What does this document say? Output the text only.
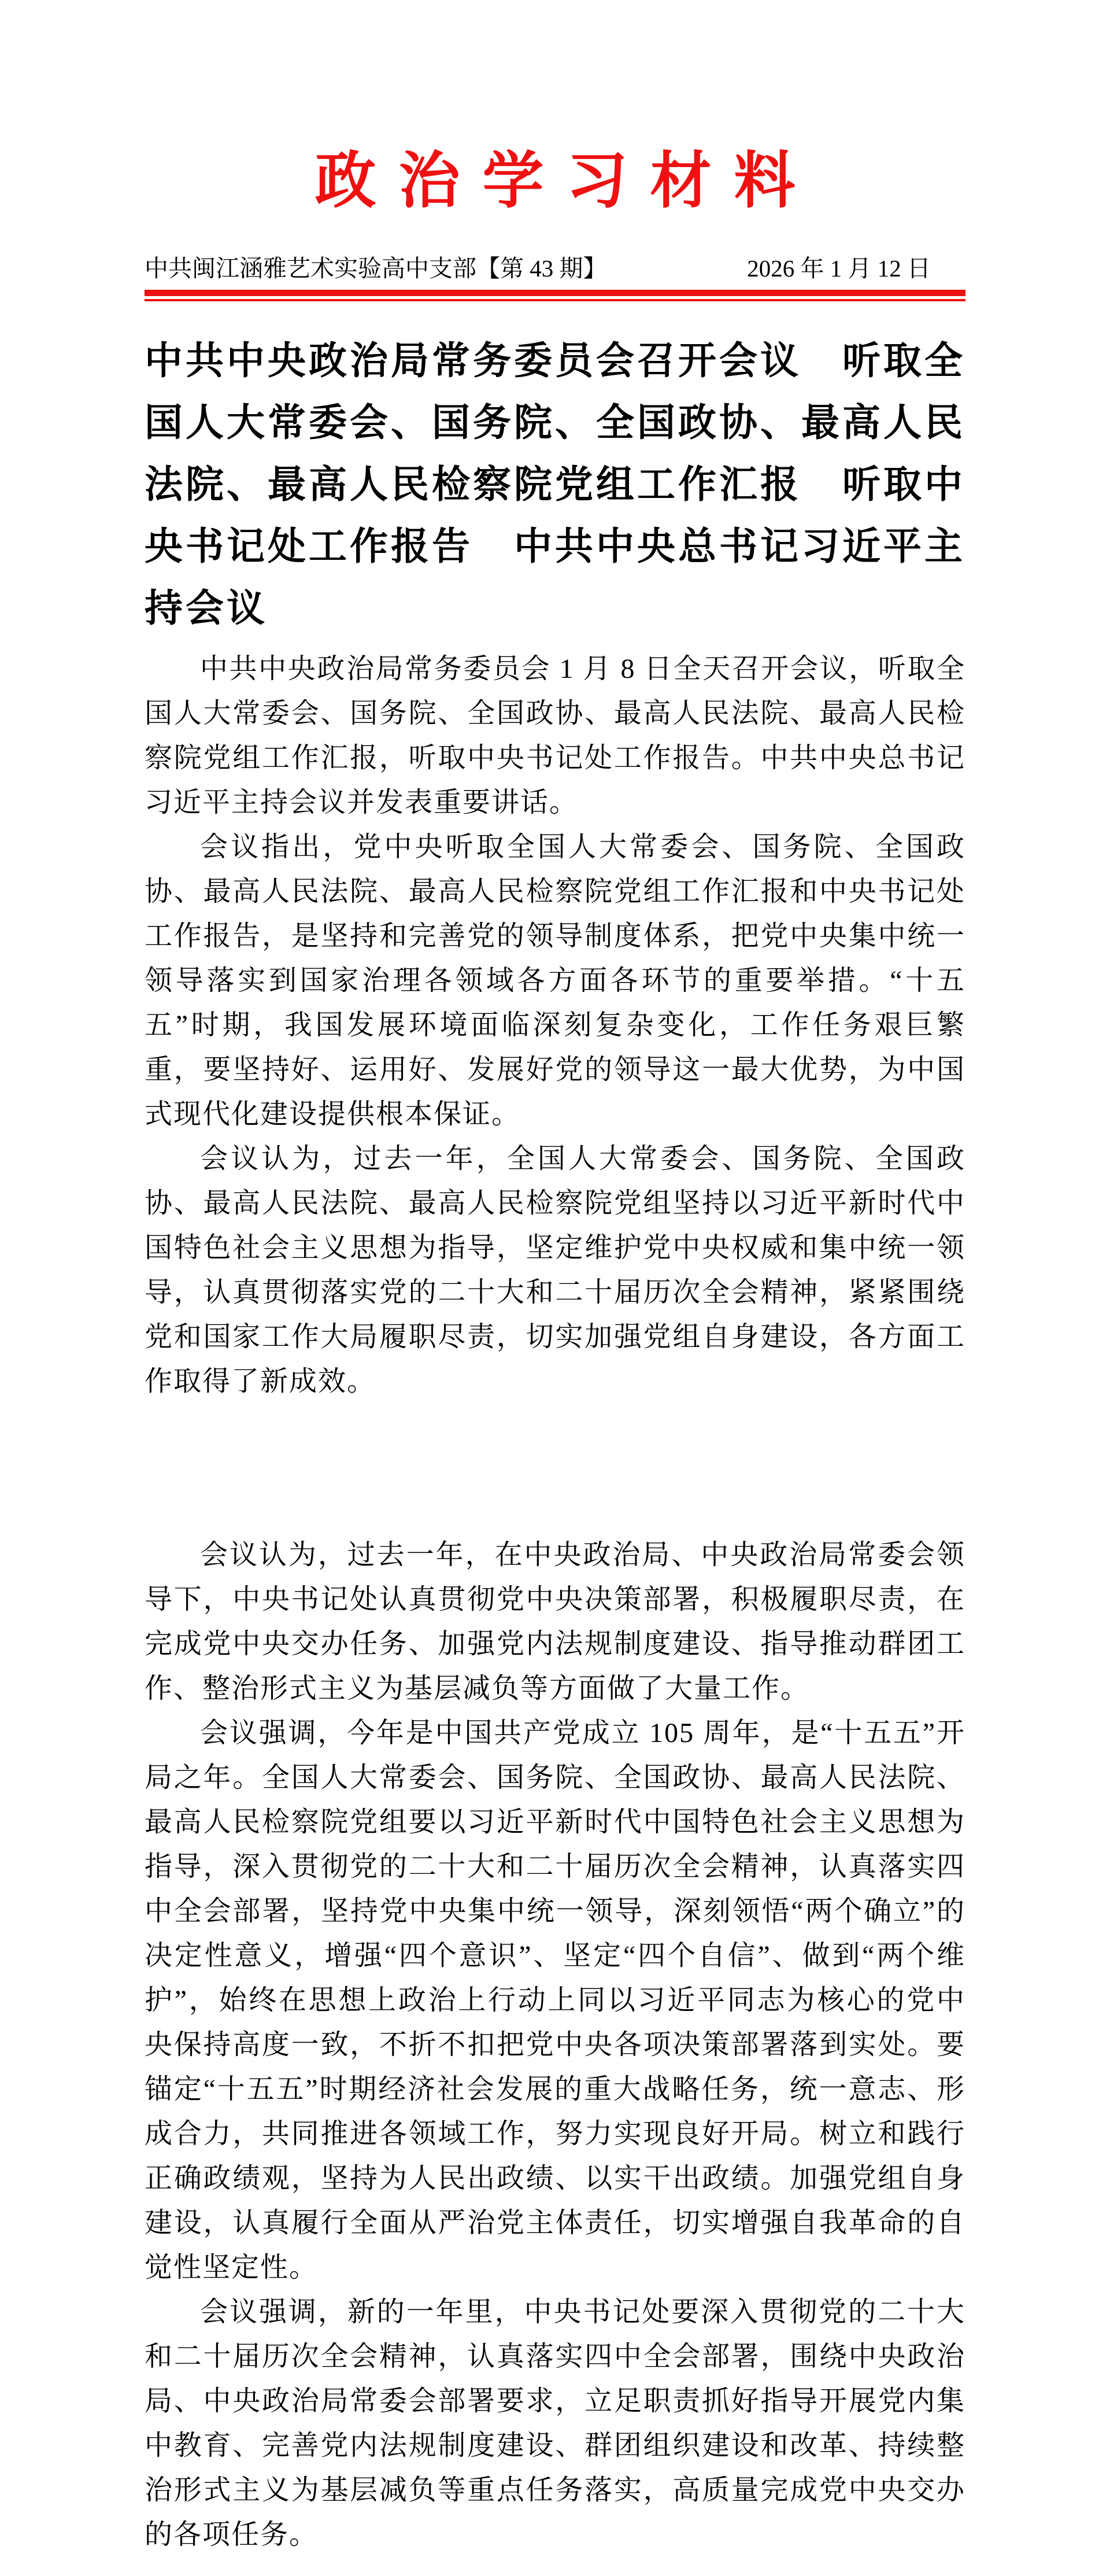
政治学习材料
中共闽江涵雅艺术实验高中支部【第 43 期】	2026 年 1 月 12 日
中共中央政治局常务委员会召开会议　听取全国人大常委会、国务院、全国政协、最高人民法院、最高人民检察院党组工作汇报　听取中央书记处工作报告　中共中央总书记习近平主持会议

中共中央政治局常务委员会 1 月 8 日全天召开会议，听取全国人大常委会、国务院、全国政协、最高人民法院、最高人民检察院党组工作汇报，听取中央书记处工作报告。中共中央总书记习近平主持会议并发表重要讲话。

会议指出，党中央听取全国人大常委会、国务院、全国政协、最高人民法院、最高人民检察院党组工作汇报和中央书记处工作报告，是坚持和完善党的领导制度体系，把党中央集中统一领导落实到国家治理各领域各方面各环节的重要举措。“十五五”时期，我国发展环境面临深刻复杂变化，工作任务艰巨繁重，要坚持好、运用好、发展好党的领导这一最大优势，为中国式现代化建设提供根本保证。

会议认为，过去一年，全国人大常委会、国务院、全国政协、最高人民法院、最高人民检察院党组坚持以习近平新时代中国特色社会主义思想为指导，坚定维护党中央权威和集中统一领导，认真贯彻落实党的二十大和二十届历次全会精神，紧紧围绕党和国家工作大局履职尽责，切实加强党组自身建设，各方面工作取得了新成效。

会议认为，过去一年，在中央政治局、中央政治局常委会领导下，中央书记处认真贯彻党中央决策部署，积极履职尽责，在完成党中央交办任务、加强党内法规制度建设、指导推动群团工作、整治形式主义为基层减负等方面做了大量工作。

会议强调，今年是中国共产党成立 105 周年，是“十五五”开局之年。全国人大常委会、国务院、全国政协、最高人民法院、最高人民检察院党组要以习近平新时代中国特色社会主义思想为指导，深入贯彻党的二十大和二十届历次全会精神，认真落实四中全会部署，坚持党中央集中统一领导，深刻领悟“两个确立”的决定性意义，增强“四个意识”、坚定“四个自信”、做到“两个维护”，始终在思想上政治上行动上同以习近平同志为核心的党中央保持高度一致，不折不扣把党中央各项决策部署落到实处。要锚定“十五五”时期经济社会发展的重大战略任务，统一意志、形成合力，共同推进各领域工作，努力实现良好开局。树立和践行正确政绩观，坚持为人民出政绩、以实干出政绩。加强党组自身建设，认真履行全面从严治党主体责任，切实增强自我革命的自觉性坚定性。

会议强调，新的一年里，中央书记处要深入贯彻党的二十大和二十届历次全会精神，认真落实四中全会部署，围绕中央政治局、中央政治局常委会部署要求，立足职责抓好指导开展党内集中教育、完善党内法规制度建设、群团组织建设和改革、持续整治形式主义为基层减负等重点任务落实，高质量完成党中央交办的各项任务。
